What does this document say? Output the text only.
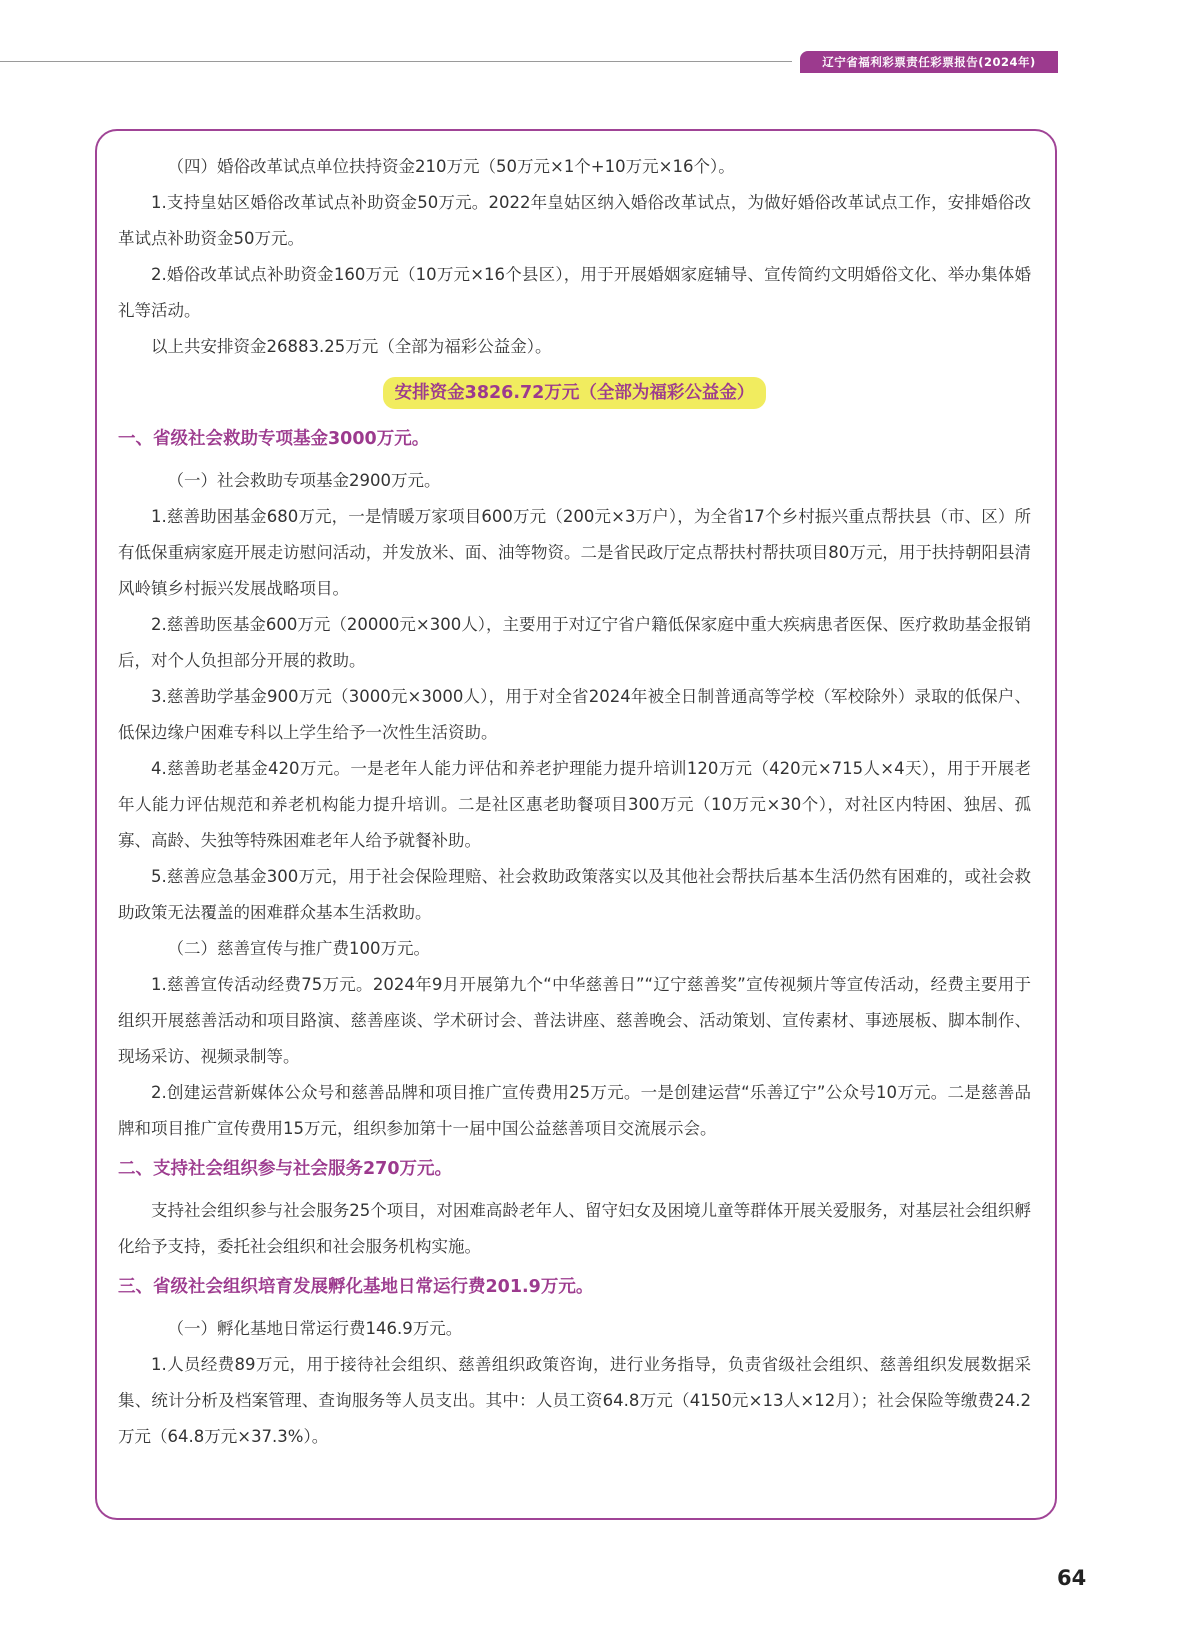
辽宁省福利彩票责任彩票报告(2024年)

（四）婚俗改革试点单位扶持资金210万元（50万元×1个+10万元×16个）。

1.支持皇姑区婚俗改革试点补助资金50万元。2022年皇姑区纳入婚俗改革试点，为做好婚俗改革试点工作，安排婚俗改革试点补助资金50万元。

2.婚俗改革试点补助资金160万元（10万元×16个县区），用于开展婚姻家庭辅导、宣传简约文明婚俗文化、举办集体婚礼等活动。

以上共安排资金26883.25万元（全部为福彩公益金）。

安排资金3826.72万元（全部为福彩公益金）
一、省级社会救助专项基金3000万元。

（一）社会救助专项基金2900万元。

1.慈善助困基金680万元，一是情暖万家项目600万元（200元×3万户），为全省17个乡村振兴重点帮扶县（市、区）所有低保重病家庭开展走访慰问活动，并发放米、面、油等物资。二是省民政厅定点帮扶村帮扶项目80万元，用于扶持朝阳县清风岭镇乡村振兴发展战略项目。

2.慈善助医基金600万元（20000元×300人），主要用于对辽宁省户籍低保家庭中重大疾病患者医保、医疗救助基金报销后，对个人负担部分开展的救助。

3.慈善助学基金900万元（3000元×3000人），用于对全省2024年被全日制普通高等学校（军校除外）录取的低保户、低保边缘户困难专科以上学生给予一次性生活资助。

4.慈善助老基金420万元。一是老年人能力评估和养老护理能力提升培训120万元（420元×715人×4天），用于开展老年人能力评估规范和养老机构能力提升培训。二是社区惠老助餐项目300万元（10万元×30个），对社区内特困、独居、孤寡、高龄、失独等特殊困难老年人给予就餐补助。

5.慈善应急基金300万元，用于社会保险理赔、社会救助政策落实以及其他社会帮扶后基本生活仍然有困难的，或社会救助政策无法覆盖的困难群众基本生活救助。

（二）慈善宣传与推广费100万元。

1.慈善宣传活动经费75万元。2024年9月开展第九个“中华慈善日”“辽宁慈善奖”宣传视频片等宣传活动，经费主要用于组织开展慈善活动和项目路演、慈善座谈、学术研讨会、普法讲座、慈善晚会、活动策划、宣传素材、事迹展板、脚本制作、现场采访、视频录制等。

2.创建运营新媒体公众号和慈善品牌和项目推广宣传费用25万元。一是创建运营“乐善辽宁”公众号10万元。二是慈善品牌和项目推广宣传费用15万元，组织参加第十一届中国公益慈善项目交流展示会。

二、支持社会组织参与社会服务270万元。

支持社会组织参与社会服务25个项目，对困难高龄老年人、留守妇女及困境儿童等群体开展关爱服务，对基层社会组织孵化给予支持，委托社会组织和社会服务机构实施。

三、省级社会组织培育发展孵化基地日常运行费201.9万元。

（一）孵化基地日常运行费146.9万元。

1.人员经费89万元，用于接待社会组织、慈善组织政策咨询，进行业务指导，负责省级社会组织、慈善组织发展数据采集、统计分析及档案管理、查询服务等人员支出。其中：人员工资64.8万元（4150元×13人×12月）；社会保险等缴费24.2万元（64.8万元×37.3%）。

64
